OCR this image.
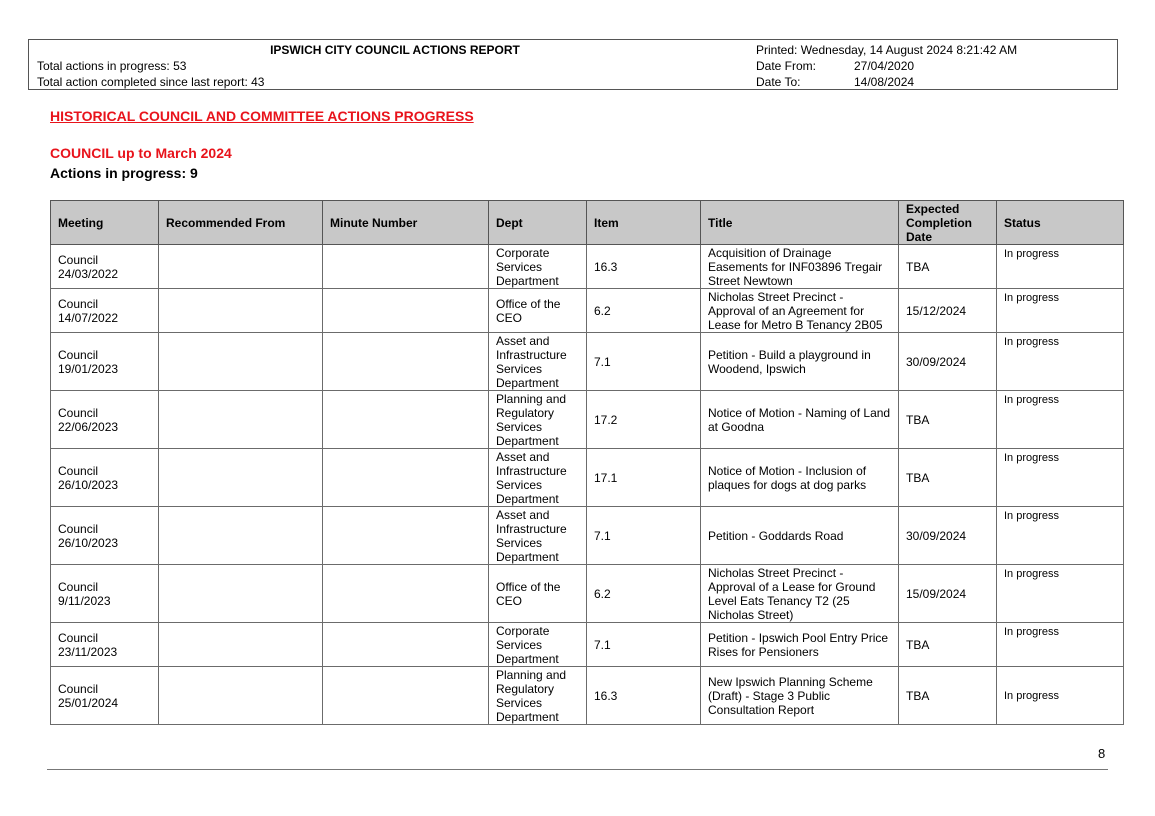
IPSWICH CITY COUNCIL ACTIONS REPORT
Total actions in progress: 53
Total action completed since last report: 43
Printed: Wednesday, 14 August 2024 8:21:42 AM
Date From:	27/04/2020
Date To:	14/08/2024
HISTORICAL COUNCIL AND COMMITTEE ACTIONS PROGRESS
COUNCIL up to March 2024
Actions in progress: 9
Meeting	Recommended From	Minute Number	Dept	Item	Title	Expected Completion Date	Status
Council 24/03/2022			Corporate Services Department	16.3	Acquisition of Drainage Easements for INF03896 Tregair Street Newtown	TBA	In progress
Council 14/07/2022			Office of the CEO	6.2	Nicholas Street Precinct - Approval of an Agreement for Lease for Metro B Tenancy 2B05	15/12/2024	In progress
Council 19/01/2023			Asset and Infrastructure Services Department	7.1	Petition - Build a playground in Woodend, Ipswich	30/09/2024	In progress
Council 22/06/2023			Planning and Regulatory Services Department	17.2	Notice of Motion - Naming of Land at Goodna	TBA	In progress
Council 26/10/2023			Asset and Infrastructure Services Department	17.1	Notice of Motion - Inclusion of plaques for dogs at dog parks	TBA	In progress
Council 26/10/2023			Asset and Infrastructure Services Department	7.1	Petition - Goddards Road	30/09/2024	In progress
Council 9/11/2023			Office of the CEO	6.2	Nicholas Street Precinct - Approval of a Lease for Ground Level Eats Tenancy T2 (25 Nicholas Street)	15/09/2024	In progress
Council 23/11/2023			Corporate Services Department	7.1	Petition - Ipswich Pool Entry Price Rises for Pensioners	TBA	In progress
Council 25/01/2024			Planning and Regulatory Services Department	16.3	New Ipswich Planning Scheme (Draft) - Stage 3 Public Consultation Report	TBA	In progress
8
